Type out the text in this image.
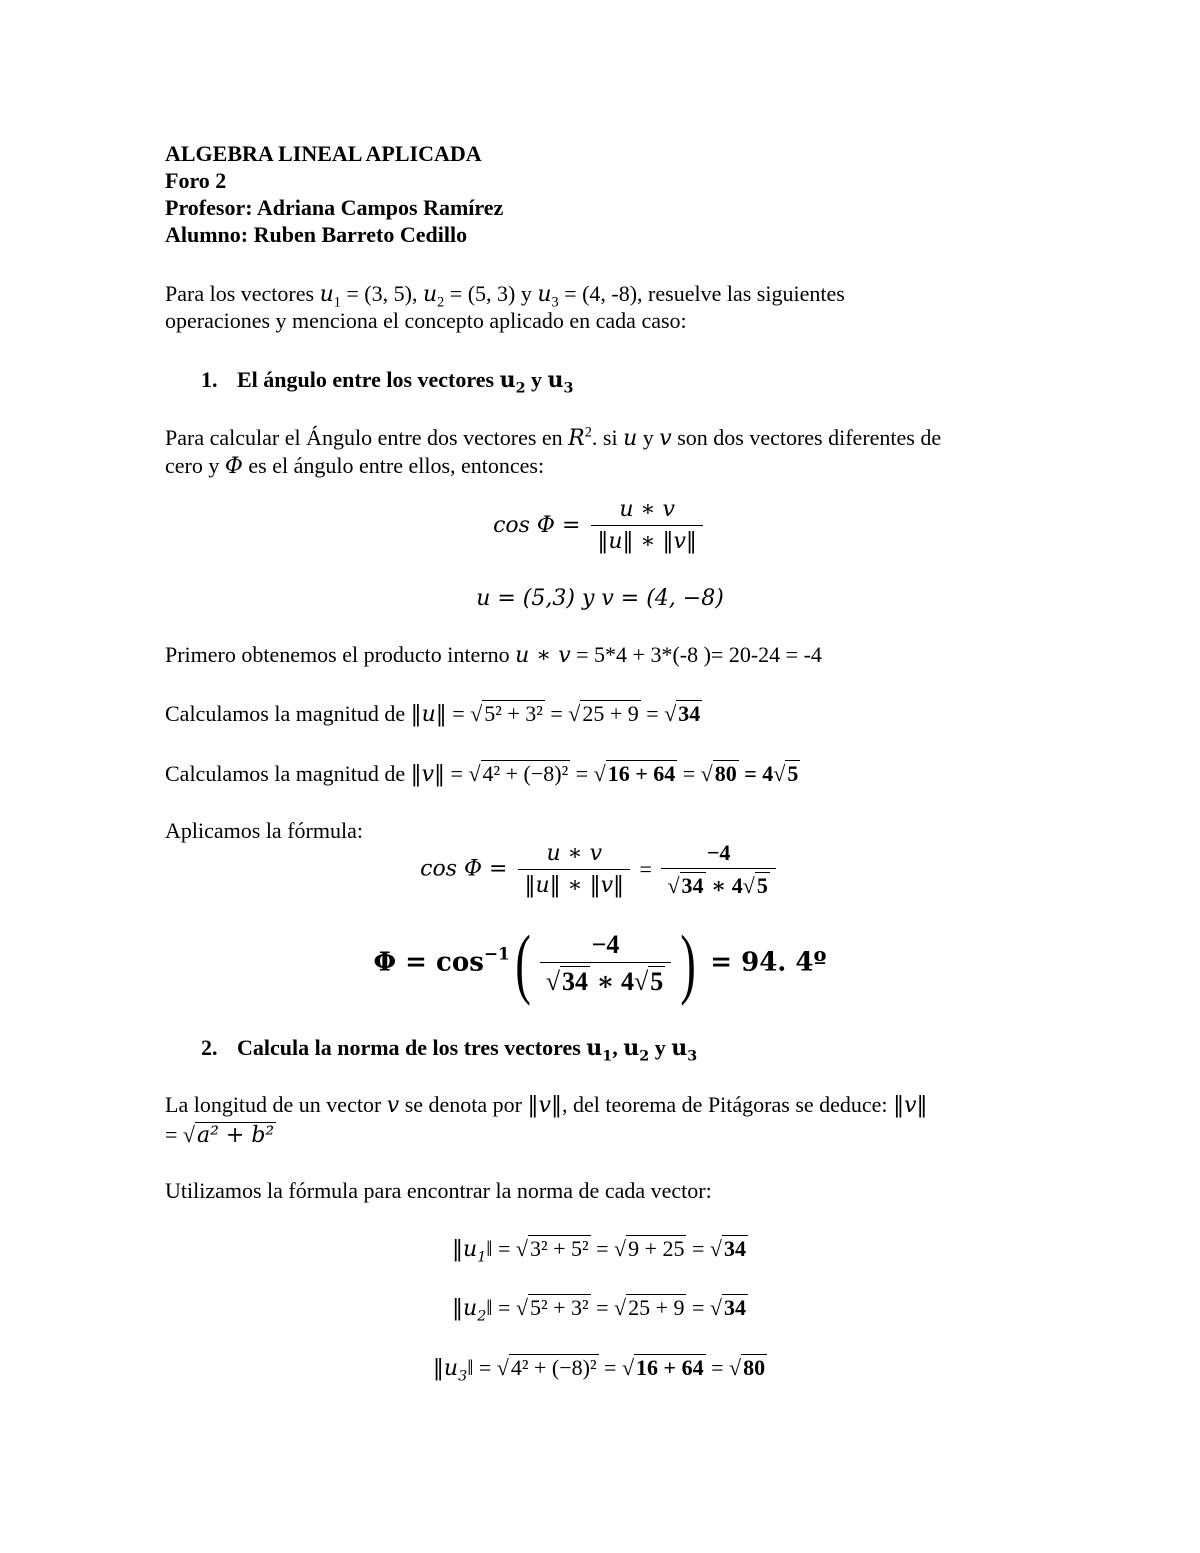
ALGEBRA LINEAL APLICADA
Foro 2
Profesor: Adriana Campos Ramírez
Alumno: Ruben Barreto Cedillo
Para los vectores $u_1 = (3$, 5), $u_2 = (5$, 3) y $u_3 = (4$, -8), resuelve las siguientes
operaciones y menciona el concepto aplicado en cada caso:
1. El ángulo entre los vectores $u_2$ y $u_3$
Para calcular el Ángulo entre dos vectores en $R^2$. si u y v son dos vectores diferentes de
cero y Φ es el ángulo entre ellos, entonces:
$\cos \Phi = \frac{u ∗ v}{‖u‖ ∗ ‖v‖}$
u = (5,3) y v = (4, −8)
Primero obtenemos el producto interno u ∗ v = 5*4 + 3*(-8 )= 20-24 = -4
Calculamos la magnitud de ‖u‖ = √5² + 3² = √25 + 9 = √34
Calculamos la magnitud de ‖v‖ = √4² + (−8)² = √16 + 64 = √80 = 4√5
Aplicamos la fórmula:
$\cos \Phi = \frac{u ∗ v}{‖u‖ ∗ ‖v‖} = \frac{-4}{√34 ∗ 4√5}$
$\Phi = \cos^{-1}( \frac{-4}{√34 ∗ 4√5}$ ) = 94. 4º
2. Calcula la norma de los tres vectores $u_1$, $u_2$ y $u_3$
La longitud de un vector v se denota por ‖v‖, del teorema de Pitágoras se deduce: ‖v‖
= √a² + b²
Utilizamos la fórmula para encontrar la norma de cada vector:
$‖u_1‖ = √3^2 + 5^2 = √9 + 25 = √34$
$‖u_2‖ = √5^2 + 3^2 = √25 + 9 = √34$
$‖u_3‖ = √4^2 + (-8)^2 = √16 + 64 = √80$
